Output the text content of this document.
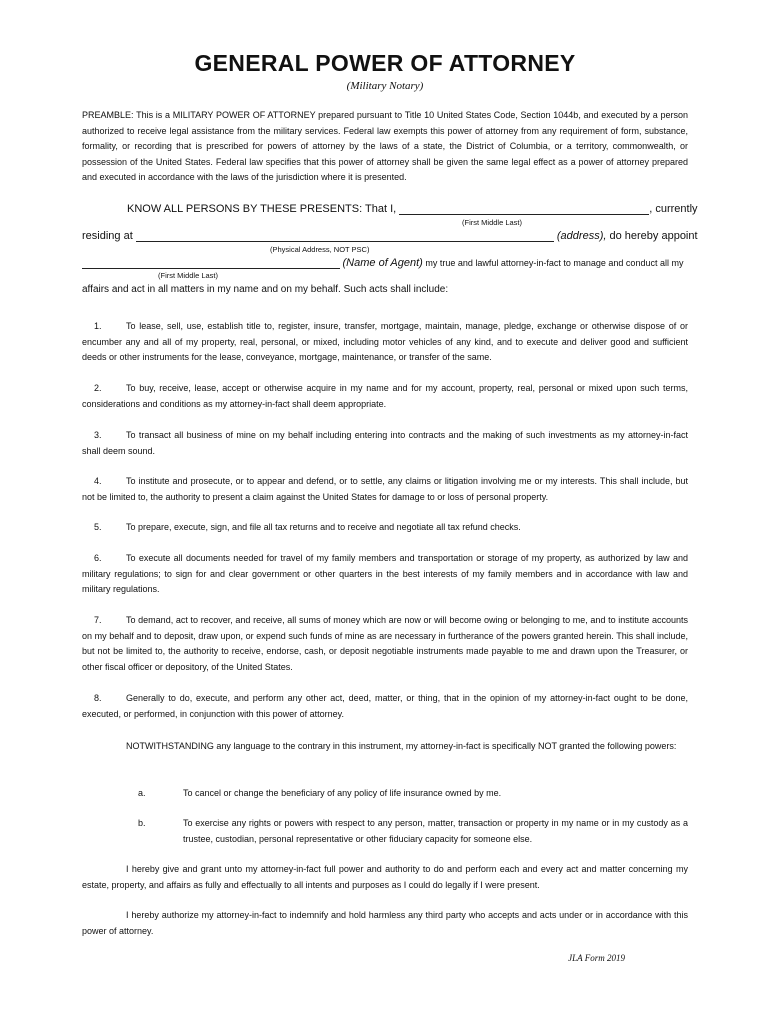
GENERAL POWER OF ATTORNEY
(Military Notary)
PREAMBLE: This is a MILITARY POWER OF ATTORNEY prepared pursuant to Title 10 United States Code, Section 1044b, and executed by a person authorized to receive legal assistance from the military services. Federal law exempts this power of attorney from any requirement of form, substance, formality, or recording that is prescribed for powers of attorney by the laws of a state, the District of Columbia, or a territory, commonwealth, or possession of the United States. Federal law specifies that this power of attorney shall be given the same legal effect as a power of attorney prepared and executed in accordance with the laws of the jurisdiction where it is presented.
KNOW ALL PERSONS BY THESE PRESENTS: That I,	, currently
(First Middle Last)
residing at	(address), do hereby appoint
(Physical Address, NOT PSC)
(Name of Agent) my true and lawful attorney-in-fact to manage and conduct all my
(First Middle Last)
affairs and act in all matters in my name and on my behalf. Such acts shall include:
1.	To lease, sell, use, establish title to, register, insure, transfer, mortgage, maintain, manage, pledge, exchange or otherwise dispose of or encumber any and all of my property, real, personal, or mixed, including motor vehicles of any kind, and to execute and deliver good and sufficient deeds or other instruments for the lease, conveyance, mortgage, maintenance, or transfer of the same.
2.	To buy, receive, lease, accept or otherwise acquire in my name and for my account, property, real, personal or mixed upon such terms, considerations and conditions as my attorney-in-fact shall deem appropriate.
3.	To transact all business of mine on my behalf including entering into contracts and the making of such investments as my attorney-in-fact shall deem sound.
4.	To institute and prosecute, or to appear and defend, or to settle, any claims or litigation involving me or my interests. This shall include, but not be limited to, the authority to present a claim against the United States for damage to or loss of personal property.
5.	To prepare, execute, sign, and file all tax returns and to receive and negotiate all tax refund checks.
6.	To execute all documents needed for travel of my family members and transportation or storage of my property, as authorized by law and military regulations; to sign for and clear government or other quarters in the best interests of my family members and in accordance with law and military regulations.
7.	To demand, act to recover, and receive, all sums of money which are now or will become owing or belonging to me, and to institute accounts on my behalf and to deposit, draw upon, or expend such funds of mine as are necessary in furtherance of the powers granted herein. This shall include, but not be limited to, the authority to receive, endorse, cash, or deposit negotiable instruments made payable to me and drawn upon the Treasurer, or other fiscal officer or depository, of the United States.
8.	Generally to do, execute, and perform any other act, deed, matter, or thing, that in the opinion of my attorney-in-fact ought to be done, executed, or performed, in conjunction with this power of attorney.
NOTWITHSTANDING any language to the contrary in this instrument, my attorney-in-fact is specifically NOT granted the following powers:
a.	To cancel or change the beneficiary of any policy of life insurance owned by me.
b.	To exercise any rights or powers with respect to any person, matter, transaction or property in my name or in my custody as a trustee, custodian, personal representative or other fiduciary capacity for someone else.
I hereby give and grant unto my attorney-in-fact full power and authority to do and perform each and every act and matter concerning my estate, property, and affairs as fully and effectually to all intents and purposes as I could do legally if I were present.
I hereby authorize my attorney-in-fact to indemnify and hold harmless any third party who accepts and acts under or in accordance with this power of attorney.
JLA Form 2019
